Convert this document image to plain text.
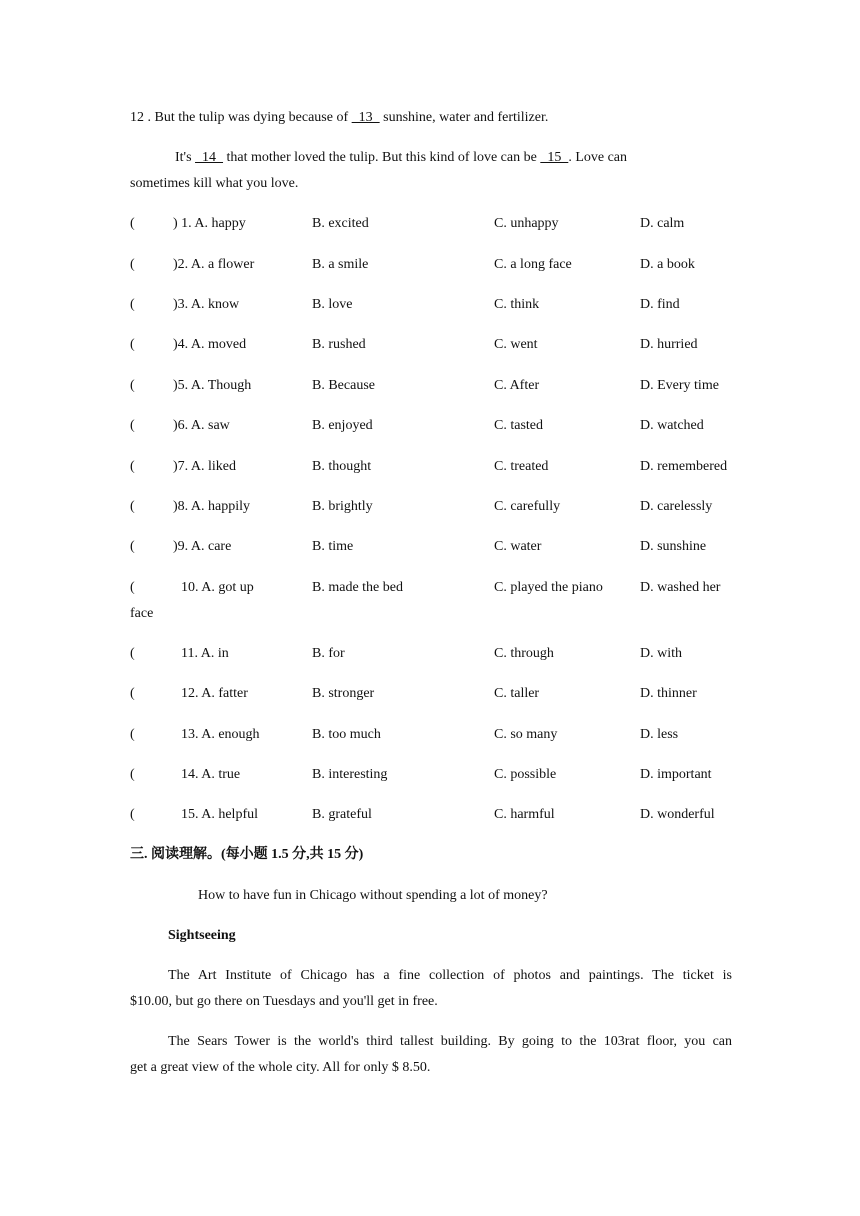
12 . But the tulip was dying because of   13   sunshine, water and fertilizer.
It's   14   that mother loved the tulip. But this kind of love can be   15  . Love can
sometimes kill what you love.
(	) 1. A. happy	B. excited	C. unhappy	D. calm
(	)2. A. a flower	B. a smile	C. a long face	D. a book
(	)3. A. know	B. love	C. think	D. find
(	)4. A. moved	B. rushed	C. went	D. hurried
(	)5. A. Though	B. Because	C. After	D. Every time
(	)6. A. saw	B. enjoyed	C. tasted	D. watched
(	)7. A. liked	B. thought	C. treated	D. remembered
(	)8. A. happily	B. brightly	C. carefully	D. carelessly
(	)9. A. care	B. time	C. water	D. sunshine
(	10. A. got up	B. made the bed	C. played the piano	D. washed her
face
(	11. A. in	B. for	C. through	D. with
(	12. A. fatter	B. stronger	C. taller	D. thinner
(	13. A. enough	B. too much	C. so many	D. less
(	14. A. true	B. interesting	C. possible	D. important
(	15. A. helpful	B. grateful	C. harmful	D. wonderful
三. 阅读理解。(每小题 1.5 分,共 15 分)
How to have fun in Chicago without spending a lot of money?
Sightseeing
The Art Institute of Chicago has a fine collection of photos and paintings. The ticket is
$10.00, but go there on Tuesdays and you'll get in free.
The Sears Tower is the world's third tallest building. By going to the 103rat floor, you can
get a great view of the whole city. All for only $ 8.50.
